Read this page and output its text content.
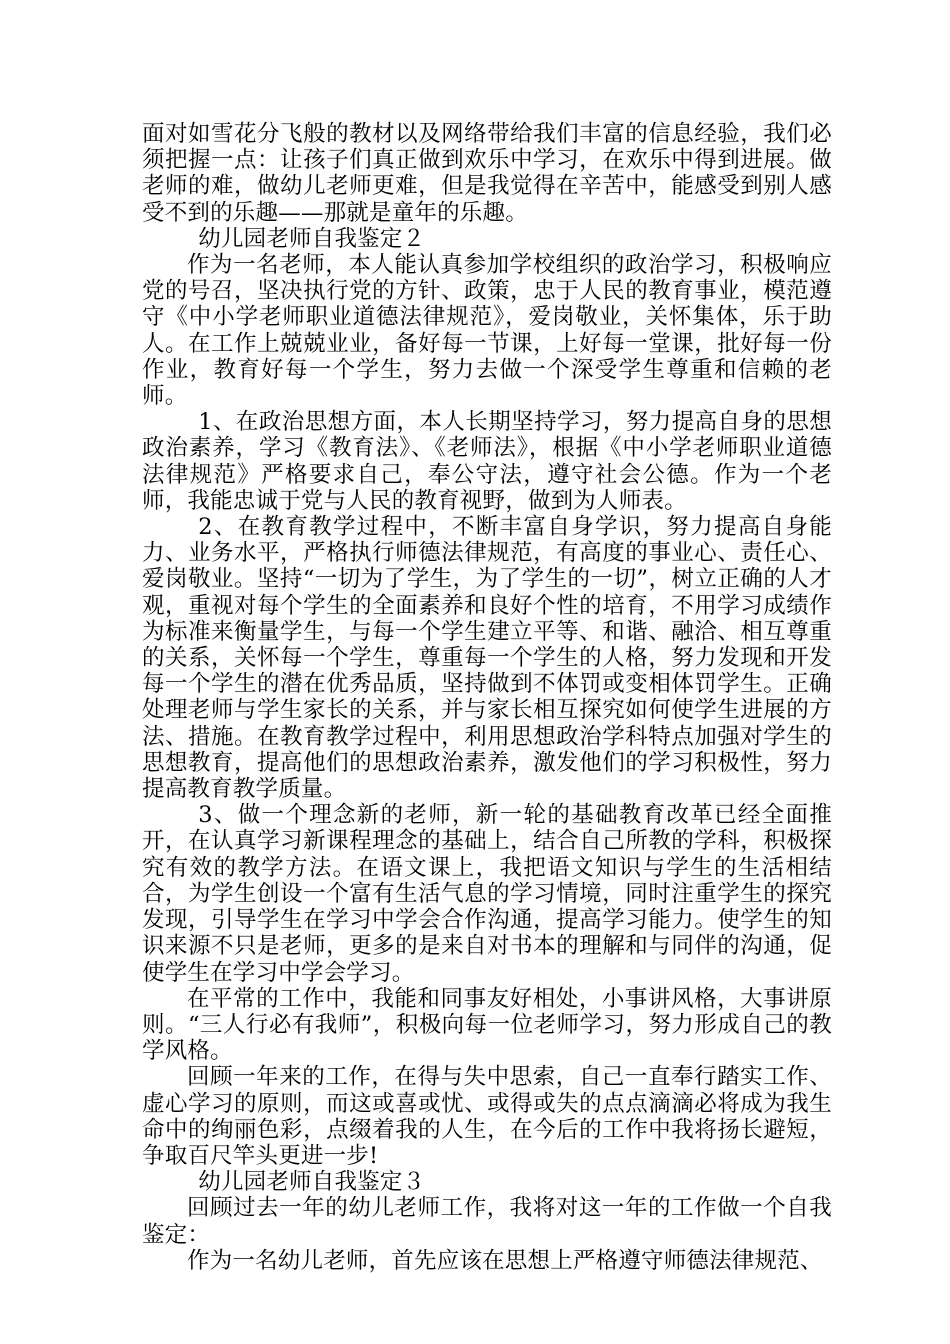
面对如雪花分飞般的教材以及网络带给我们丰富的信息经验，我们必须把握一点：让孩子们真正做到欢乐中学习，在欢乐中得到进展。做老师的难，做幼儿老师更难，但是我觉得在辛苦中，能感受到别人感受不到的乐趣——那就是童年的乐趣。

幼儿园老师自我鉴定２

作为一名老师，本人能认真参加学校组织的政治学习，积极响应党的号召，坚决执行党的方针、政策，忠于人民的教育事业，模范遵守《中小学老师职业道德法律规范》，爱岗敬业，关怀集体，乐于助人。在工作上兢兢业业，备好每一节课，上好每一堂课，批好每一份作业，教育好每一个学生，努力去做一个深受学生尊重和信赖的老师。

1、在政治思想方面，本人长期坚持学习，努力提高自身的思想政治素养，学习《教育法》、《老师法》，根据《中小学老师职业道德法律规范》严格要求自己，奉公守法，遵守社会公德。作为一个老师，我能忠诚于党与人民的教育视野，做到为人师表。

2、在教育教学过程中，不断丰富自身学识，努力提高自身能力、业务水平，严格执行师德法律规范，有高度的事业心、责任心、爱岗敬业。坚持“一切为了学生，为了学生的一切”，树立正确的人才观，重视对每个学生的全面素养和良好个性的培育，不用学习成绩作为标准来衡量学生，与每一个学生建立平等、和谐、融洽、相互尊重的关系，关怀每一个学生，尊重每一个学生的人格，努力发现和开发每一个学生的潜在优秀品质，坚持做到不体罚或变相体罚学生。正确处理老师与学生家长的关系，并与家长相互探究如何使学生进展的方法、措施。在教育教学过程中，利用思想政治学科特点加强对学生的思想教育，提高他们的思想政治素养，激发他们的学习积极性，努力提高教育教学质量。

3、做一个理念新的老师，新一轮的基础教育改革已经全面推开，在认真学习新课程理念的基础上，结合自己所教的学科，积极探究有效的教学方法。在语文课上，我把语文知识与学生的生活相结合，为学生创设一个富有生活气息的学习情境，同时注重学生的探究发现，引导学生在学习中学会合作沟通，提高学习能力。使学生的知识来源不只是老师，更多的是来自对书本的理解和与同伴的沟通，促使学生在学习中学会学习。

在平常的工作中，我能和同事友好相处，小事讲风格，大事讲原则。“三人行必有我师”，积极向每一位老师学习，努力形成自己的教学风格。

回顾一年来的工作，在得与失中思索，自己一直奉行踏实工作、虚心学习的原则，而这或喜或忧、或得或失的点点滴滴必将成为我生命中的绚丽色彩，点缀着我的人生，在今后的工作中我将扬长避短，争取百尺竿头更进一步!

幼儿园老师自我鉴定３

回顾过去一年的幼儿老师工作，我将对这一年的工作做一个自我鉴定：

作为一名幼儿老师，首先应该在思想上严格遵守师德法律规范、
